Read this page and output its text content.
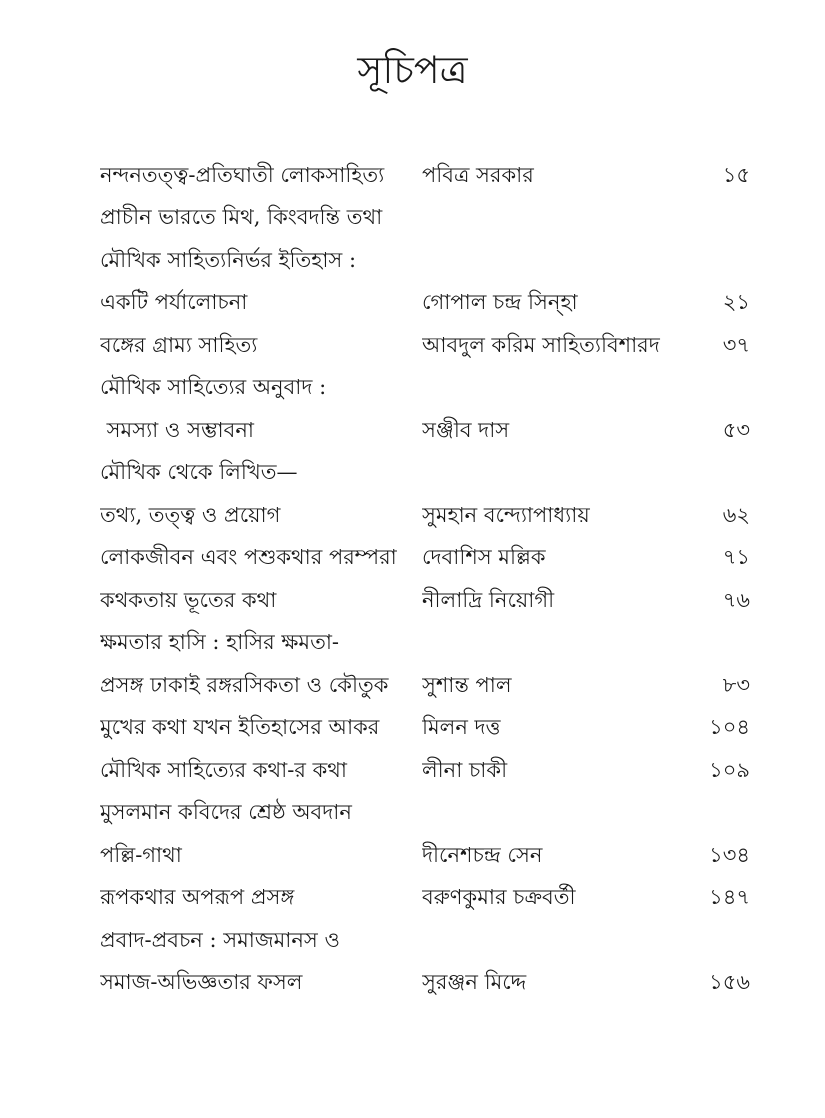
সূচিপত্র
নন্দনতত্ত্ব-প্রতিঘাতী লোকসাহিত্য	পবিত্র সরকার	১৫
প্রাচীন ভারতে মিথ, কিংবদন্তি তথা
মৌখিক সাহিত্যনির্ভর ইতিহাস :
একটি পর্যালোচনা	গোপাল চন্দ্র সিন্‌হা	২১
বঙ্গের গ্রাম্য সাহিত্য	আবদুল করিম সাহিত্যবিশারদ	৩৭
মৌখিক সাহিত্যের অনুবাদ :
সমস্যা ও সম্ভাবনা	সঞ্জীব দাস	৫৩
মৌখিক থেকে লিখিত—
তথ্য, তত্ত্ব ও প্রয়োগ	সুমহান বন্দ্যোপাধ্যায়	৬২
লোকজীবন এবং পশুকথার পরম্পরা	দেবাশিস মল্লিক	৭১
কথকতায় ভূতের কথা	নীলাদ্রি নিয়োগী	৭৬
ক্ষমতার হাসি : হাসির ক্ষমতা-
প্রসঙ্গ ঢাকাই রঙ্গরসিকতা ও কৌতুক	সুশান্ত পাল	৮৩
মুখের কথা যখন ইতিহাসের আকর	মিলন দত্ত	১০৪
মৌখিক সাহিত্যের কথা-র কথা	লীনা চাকী	১০৯
মুসলমান কবিদের শ্রেষ্ঠ অবদান
পল্লি-গাথা	দীনেশচন্দ্র সেন	১৩৪
রূপকথার অপরূপ প্রসঙ্গ	বরুণকুমার চক্রবর্তী	১৪৭
প্রবাদ-প্রবচন : সমাজমানস ও
সমাজ-অভিজ্ঞতার ফসল	সুরঞ্জন মিদ্দে	১৫৬
